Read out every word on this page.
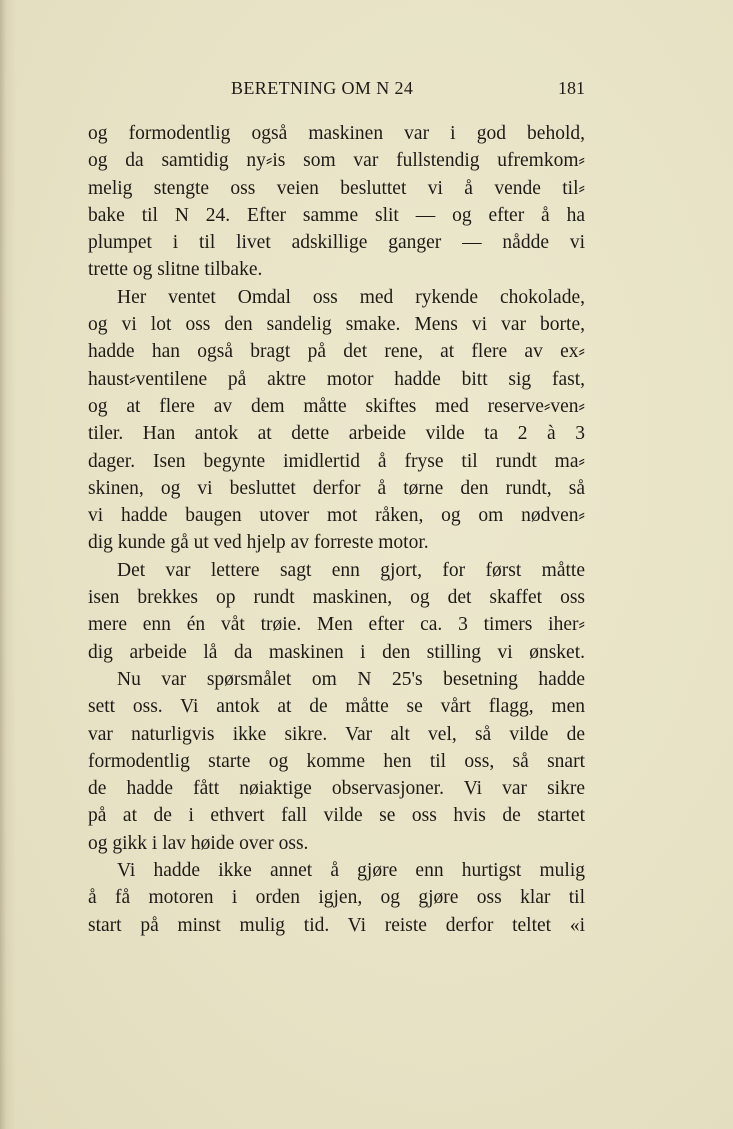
BERETNING OM N 24	181
og formodentlig også maskinen var i god behold,
og da samtidig ny⸗is som var fullstendig ufremkom⸗
melig stengte oss veien besluttet vi å vende til⸗
bake til N 24. Efter samme slit — og efter å ha
plumpet i til livet adskillige ganger — nådde vi
trette og slitne tilbake.
Her ventet Omdal oss med rykende chokolade,
og vi lot oss den sandelig smake. Mens vi var borte,
hadde han også bragt på det rene, at flere av ex⸗
haust⸗ventilene på aktre motor hadde bitt sig fast,
og at flere av dem måtte skiftes med reserve⸗ven⸗
tiler. Han antok at dette arbeide vilde ta 2 à 3
dager. Isen begynte imidlertid å fryse til rundt ma⸗
skinen, og vi besluttet derfor å tørne den rundt, så
vi hadde baugen utover mot råken, og om nødven⸗
dig kunde gå ut ved hjelp av forreste motor.
Det var lettere sagt enn gjort, for først måtte
isen brekkes op rundt maskinen, og det skaffet oss
mere enn én våt trøie. Men efter ca. 3 timers iher⸗
dig arbeide lå da maskinen i den stilling vi ønsket.
Nu var spørsmålet om N 25's besetning hadde
sett oss. Vi antok at de måtte se vårt flagg, men
var naturligvis ikke sikre. Var alt vel, så vilde de
formodentlig starte og komme hen til oss, så snart
de hadde fått nøiaktige observasjoner. Vi var sikre
på at de i ethvert fall vilde se oss hvis de startet
og gikk i lav høide over oss.
Vi hadde ikke annet å gjøre enn hurtigst mulig
å få motoren i orden igjen, og gjøre oss klar til
start på minst mulig tid. Vi reiste derfor teltet «i
